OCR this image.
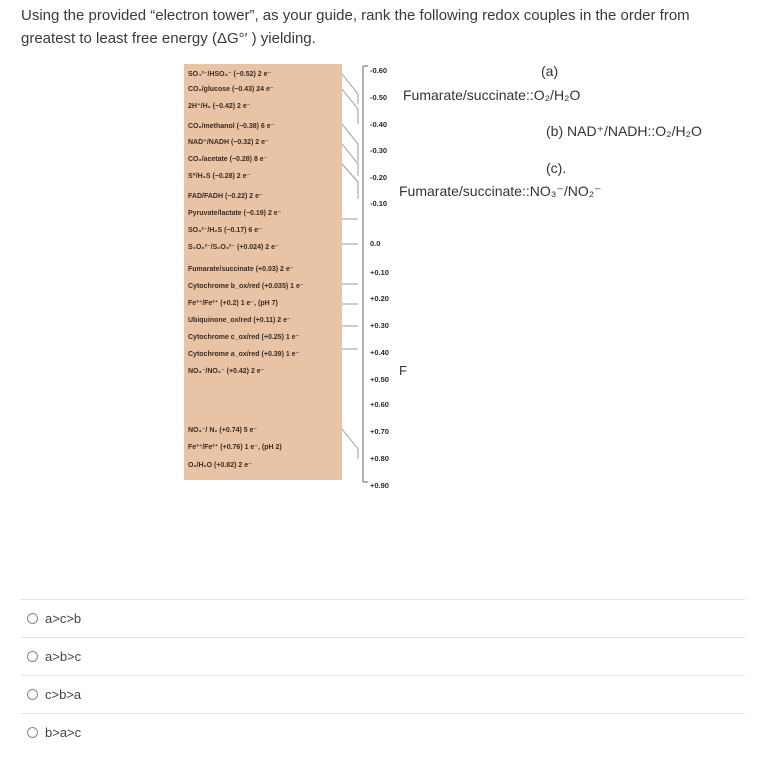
Using the provided “electron tower”, as your guide, rank the following redox couples in the order from greatest to least free energy (ΔG°′ ) yielding.
SO₄²⁻/HSO₃⁻ (−0.52) 2 e⁻
CO₂/glucose (−0.43) 24 e⁻
2H⁺/H₂ (−0.42) 2 e⁻
CO₂/methanol (−0.38) 6 e⁻
NAD⁺/NADH (−0.32) 2 e⁻
CO₂/acetate (−0.28) 8 e⁻
S⁰/H₂S (−0.28) 2 e⁻
FAD/FADH (−0.22) 2 e⁻
Pyruvate/lactate (−0.19) 2 e⁻
SO₃²⁻/H₂S (−0.17) 6 e⁻
S₄O₆²⁻/S₂O₃²⁻ (+0.024) 2 e⁻
Fumarate/succinate (+0.03) 2 e⁻
Cytochrome b_ox/red (+0.035) 1 e⁻
Fe³⁺/Fe²⁺ (+0.2) 1 e⁻, (pH 7)
Ubiquinone_ox/red (+0.11) 2 e⁻
Cytochrome c_ox/red (+0.25) 1 e⁻
Cytochrome a_ox/red (+0.39) 1 e⁻
NO₃⁻/NO₂⁻ (+0.42) 2 e⁻
NO₃⁻/ N₂ (+0.74) 5 e⁻
Fe³⁺/Fe²⁺ (+0.76) 1 e⁻, (pH 2)
O₂/H₂O (+0.82) 2 e⁻
-0.60
-0.50
-0.40
-0.30
-0.20
-0.10
0.0
+0.10
+0.20
+0.30
+0.40
+0.50
+0.60
+0.70
+0.80
+0.90
(a)
Fumarate/succinate::O₂/H₂O
(b) NAD⁺/NADH::O₂/H₂O
(c).
Fumarate/succinate::NO₃⁻/NO₂⁻
F
a>c>b
a>b>c
c>b>a
b>a>c
